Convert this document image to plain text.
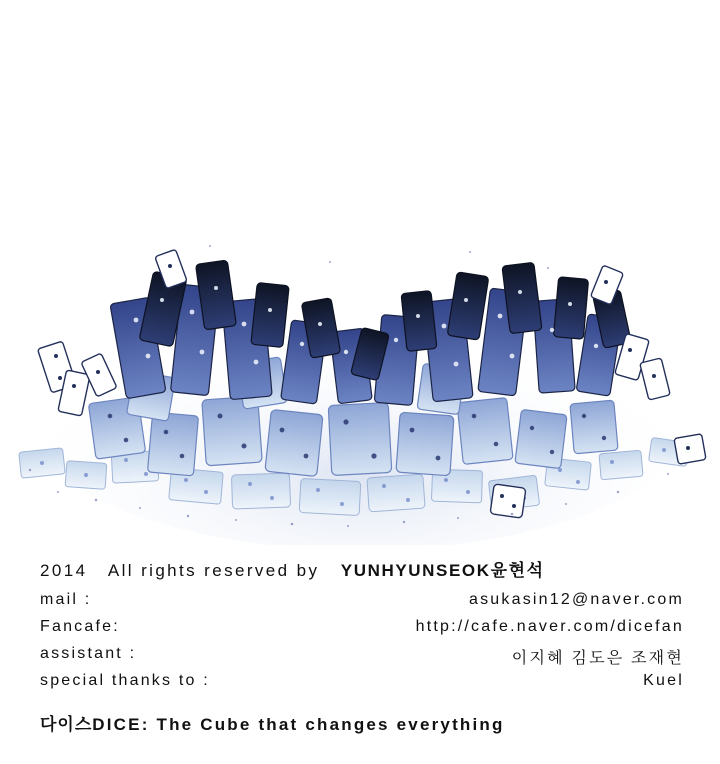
2014 All rights reserved by YUNHYUNSEOK윤현석
mail :	asukasin12@naver.com
Fancafe:	http://cafe.naver.com/dicefan
assistant :	이지혜 김도은 조재현
special thanks to :	Kuel
다이스DICE: The Cube that changes everything
